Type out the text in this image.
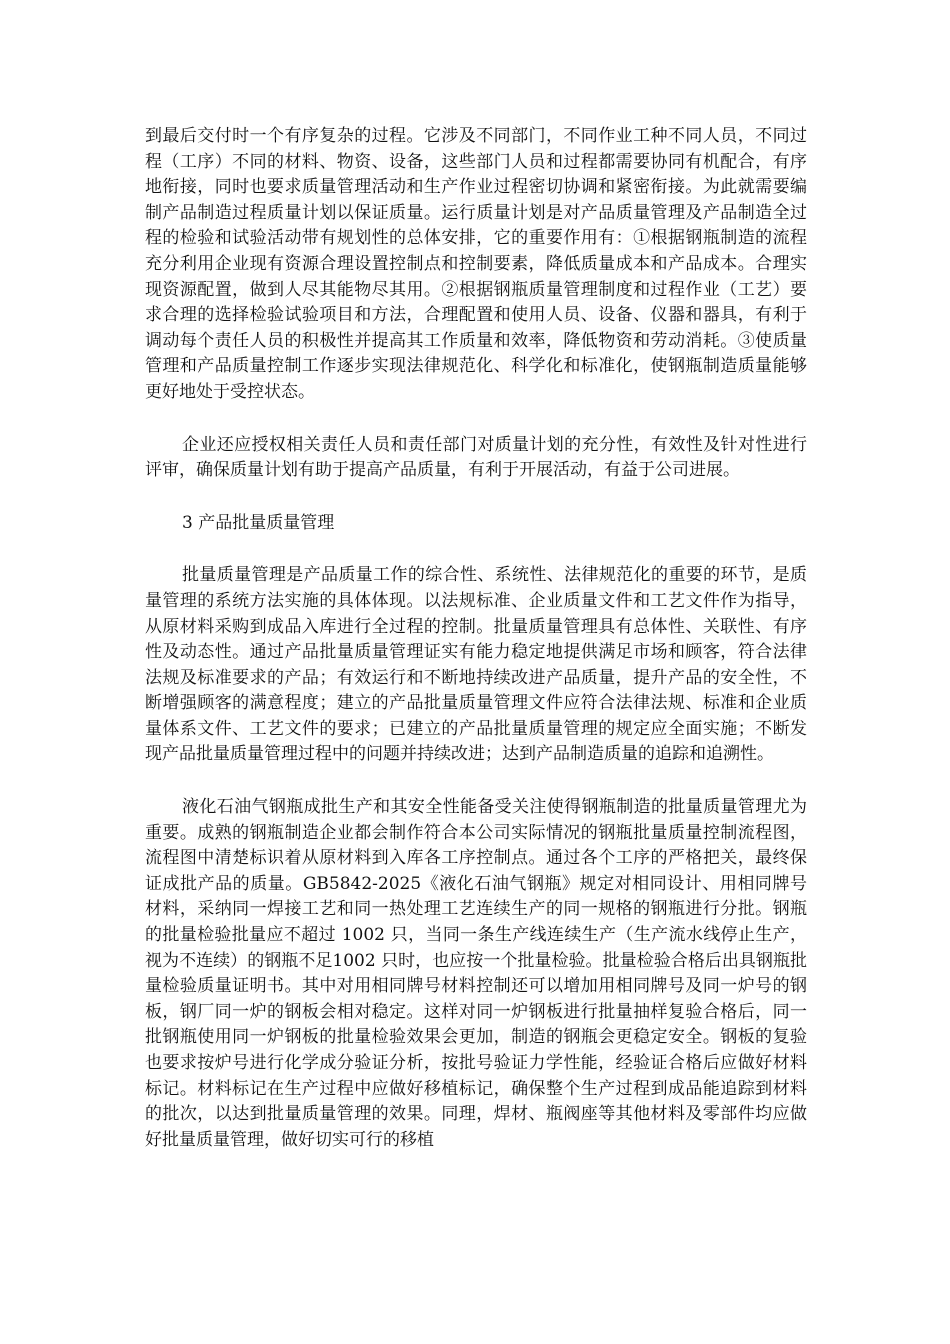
到最后交付时一个有序复杂的过程。它涉及不同部门，不同作业工种不同人员，不同过程（工序）不同的材料、物资、设备，这些部门人员和过程都需要协同有机配合，有序地衔接，同时也要求质量管理活动和生产作业过程密切协调和紧密衔接。为此就需要编制产品制造过程质量计划以保证质量。运行质量计划是对产品质量管理及产品制造全过程的检验和试验活动带有规划性的总体安排，它的重要作用有：①根据钢瓶制造的流程充分利用企业现有资源合理设置控制点和控制要素，降低质量成本和产品成本。合理实现资源配置，做到人尽其能物尽其用。②根据钢瓶质量管理制度和过程作业（工艺）要求合理的选择检验试验项目和方法，合理配置和使用人员、设备、仪器和器具，有利于调动每个责任人员的积极性并提高其工作质量和效率，降低物资和劳动消耗。③使质量管理和产品质量控制工作逐步实现法律规范化、科学化和标准化，使钢瓶制造质量能够更好地处于受控状态。

企业还应授权相关责任人员和责任部门对质量计划的充分性，有效性及针对性进行评审，确保质量计划有助于提高产品质量，有利于开展活动，有益于公司进展。

3 产品批量质量管理

批量质量管理是产品质量工作的综合性、系统性、法律规范化的重要的环节，是质量管理的系统方法实施的具体体现。以法规标准、企业质量文件和工艺文件作为指导，从原材料采购到成品入库进行全过程的控制。批量质量管理具有总体性、关联性、有序性及动态性。通过产品批量质量管理证实有能力稳定地提供满足市场和顾客，符合法律法规及标准要求的产品；有效运行和不断地持续改进产品质量，提升产品的安全性，不断增强顾客的满意程度；建立的产品批量质量管理文件应符合法律法规、标准和企业质量体系文件、工艺文件的要求；已建立的产品批量质量管理的规定应全面实施；不断发现产品批量质量管理过程中的问题并持续改进；达到产品制造质量的追踪和追溯性。

液化石油气钢瓶成批生产和其安全性能备受关注使得钢瓶制造的批量质量管理尤为重要。成熟的钢瓶制造企业都会制作符合本公司实际情况的钢瓶批量质量控制流程图，流程图中清楚标识着从原材料到入库各工序控制点。通过各个工序的严格把关，最终保证成批产品的质量。GB5842-2025《液化石油气钢瓶》规定对相同设计、用相同牌号材料，采纳同一焊接工艺和同一热处理工艺连续生产的同一规格的钢瓶进行分批。钢瓶的批量检验批量应不超过 1002 只，当同一条生产线连续生产（生产流水线停止生产，视为不连续）的钢瓶不足1002 只时，也应按一个批量检验。批量检验合格后出具钢瓶批量检验质量证明书。其中对用相同牌号材料控制还可以增加用相同牌号及同一炉号的钢板，钢厂同一炉的钢板会相对稳定。这样对同一炉钢板进行批量抽样复验合格后，同一批钢瓶使用同一炉钢板的批量检验效果会更加，制造的钢瓶会更稳定安全。钢板的复验也要求按炉号进行化学成分验证分析，按批号验证力学性能，经验证合格后应做好材料标记。材料标记在生产过程中应做好移植标记，确保整个生产过程到成品能追踪到材料的批次，以达到批量质量管理的效果。同理，焊材、瓶阀座等其他材料及零部件均应做好批量质量管理，做好切实可行的移植
